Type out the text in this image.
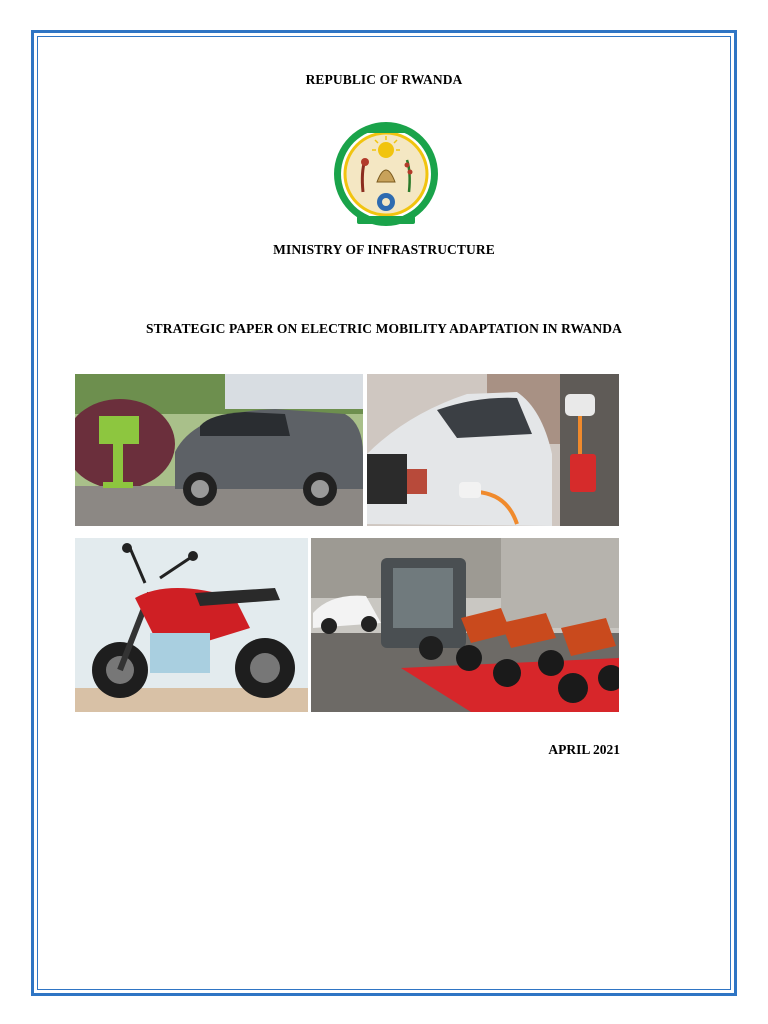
REPUBLIC OF RWANDA
MINISTRY OF INFRASTRUCTURE
STRATEGIC PAPER ON ELECTRIC MOBILITY ADAPTATION IN RWANDA
APRIL 2021
